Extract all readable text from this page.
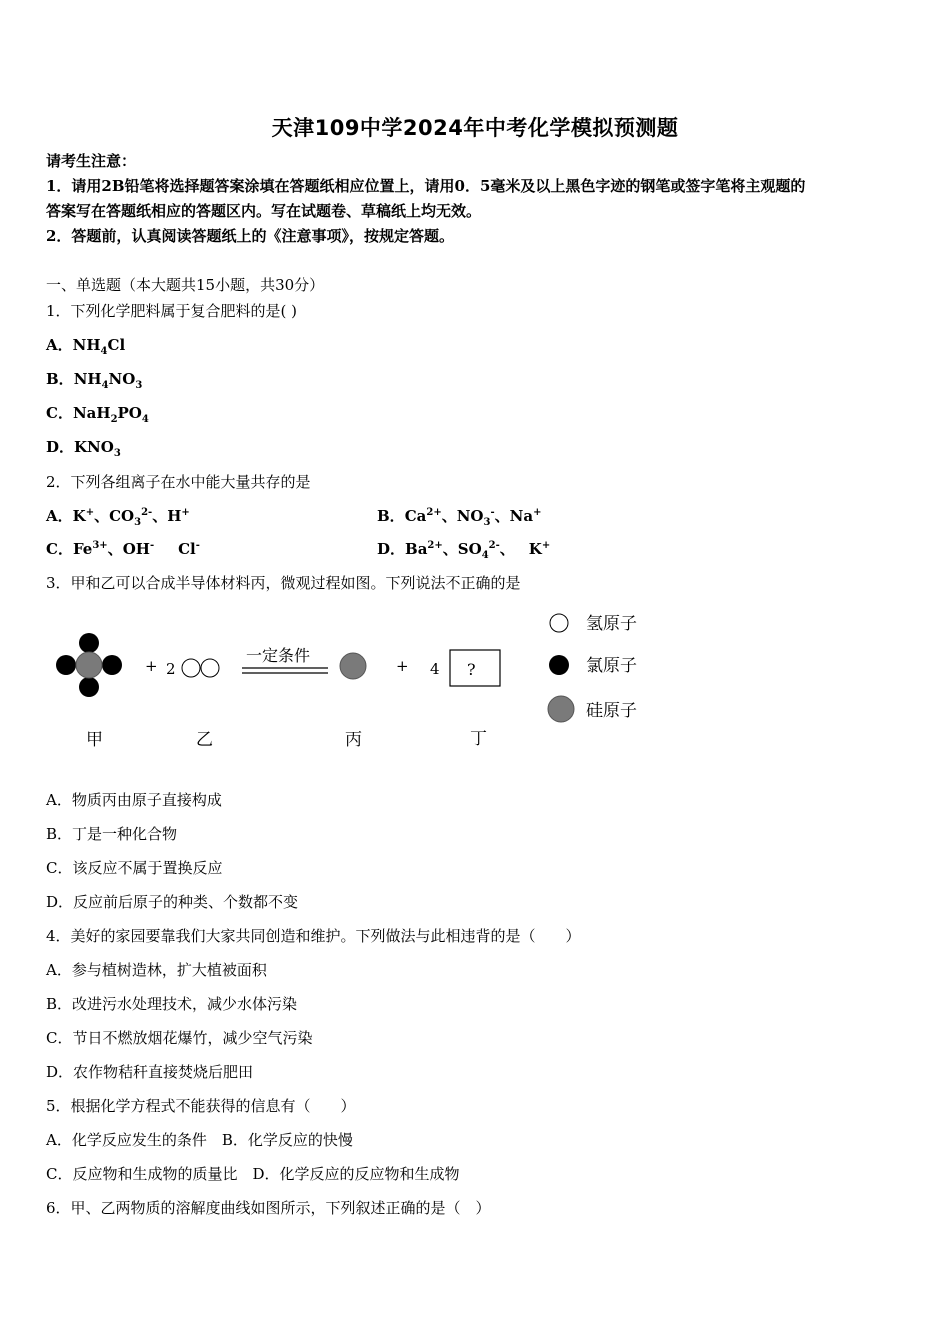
天津109中学2024年中考化学模拟预测题
请考生注意：
1．请用2B铅笔将选择题答案涂填在答题纸相应位置上，请用0．5毫米及以上黑色字迹的钢笔或签字笔将主观题的
答案写在答题纸相应的答题区内。写在试题卷、草稿纸上均无效。
2．答题前，认真阅读答题纸上的《注意事项》，按规定答题。
一、单选题（本大题共15小题，共30分）
1．下列化学肥料属于复合肥料的是( )
A．$NH_4Cl$
B．$NH_4NO_3$
C．$NaH_2PO_4$
D．$KNO_3$
2．下列各组离子在水中能大量共存的是
A．K+、$CO_3^{2-}$、H+	B．$Ca^{2+}$、$NO_3^-$、Na+
C．$Fe^{3+}$、OH- Cl-	D．$Ba^{2+}$、$SO_4^{2-}$、 K+
3．甲和乙可以合成半导体材料丙，微观过程如图。下列说法不正确的是
+ 2
一定条件
+ 4 ?
甲	乙	丙	丁
氢原子
氯原子
硅原子
A．物质丙由原子直接构成
B．丁是一种化合物
C．该反应不属于置换反应
D．反应前后原子的种类、个数都不变
4．美好的家园要靠我们大家共同创造和维护。下列做法与此相违背的是（　　）
A．参与植树造林，扩大植被面积
B．改进污水处理技术，减少水体污染
C．节日不燃放烟花爆竹，减少空气污染
D．农作物秸秆直接焚烧后肥田
5．根据化学方程式不能获得的信息有（　　）
A．化学反应发生的条件　B．化学反应的快慢
C．反应物和生成物的质量比　D．化学反应的反应物和生成物
6．甲、乙两物质的溶解度曲线如图所示，下列叙述正确的是（　）
